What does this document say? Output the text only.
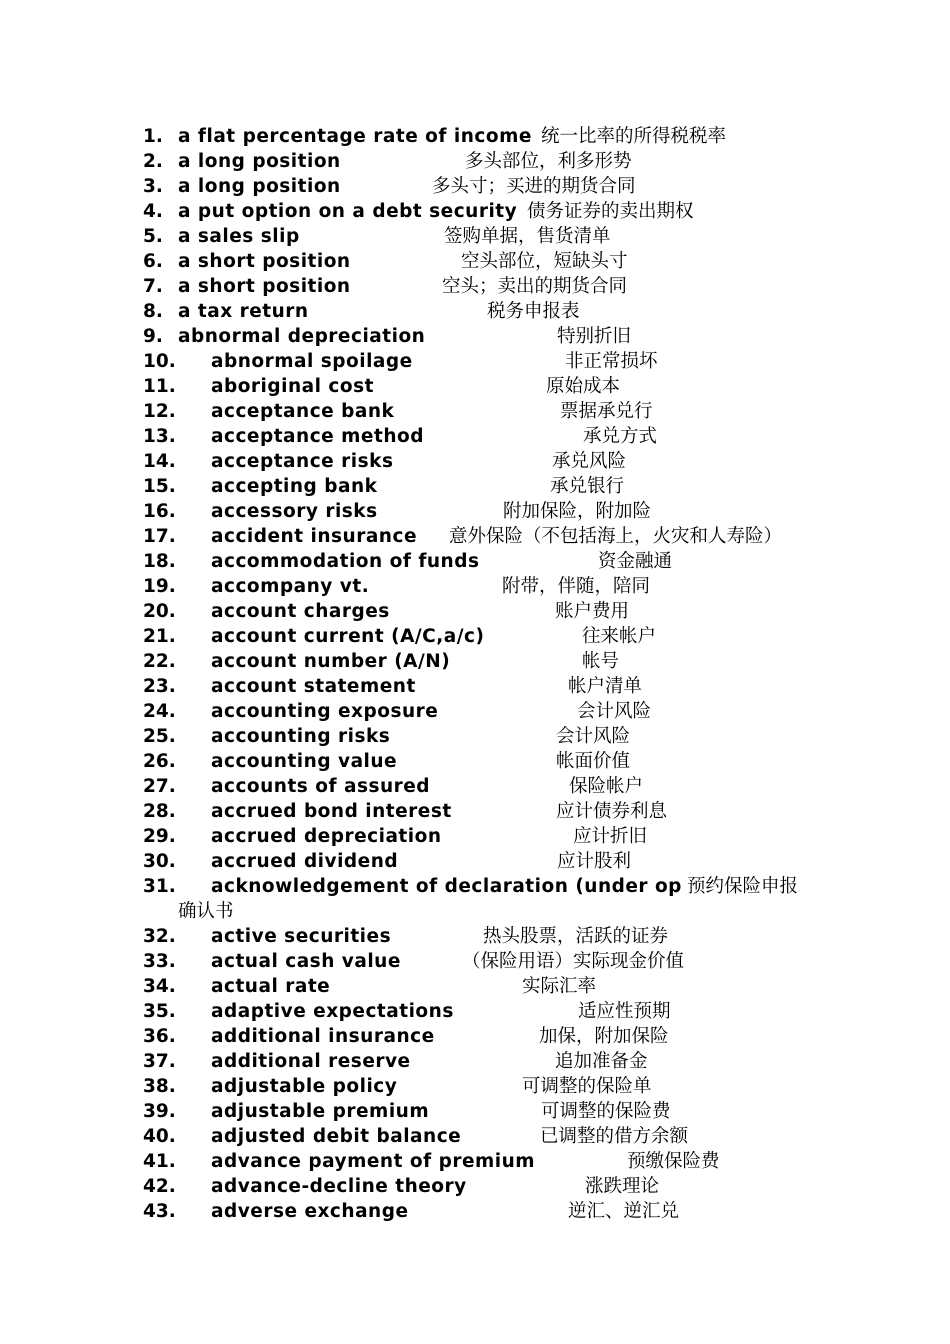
1. a flat percentage rate of income 统一比率的所得税税率
2. a long position	多头部位，利多形势
3. a long position	多头寸；买进的期货合同
4. a put option on a debt security 债务证券的卖出期权
5. a sales slip	签购单据，售货清单
6. a short position	空头部位，短缺头寸
7. a short position	空头；卖出的期货合同
8. a tax return	税务申报表
9. abnormal depreciation	特别折旧
10. abnormal spoilage	非正常损坏
11. aboriginal cost	原始成本
12. acceptance bank	票据承兑行
13. acceptance method	承兑方式
14. acceptance risks	承兑风险
15. accepting bank	承兑银行
16. accessory risks	附加保险，附加险
17. accident insurance 意外保险（不包括海上，火灾和人寿险）
18. accommodation of funds	资金融通
19. accompany vt.	附带，伴随，陪同
20. account charges	账户费用
21. account current (A/C,a/c)	往来帐户
22. account number (A/N)	帐号
23. account statement	帐户清单
24. accounting exposure	会计风险
25. accounting risks	会计风险
26. accounting value	帐面价值
27. accounts of assured	保险帐户
28. accrued bond interest	应计债券利息
29. accrued depreciation	应计折旧
30. accrued dividend	应计股利
31. acknowledgement of declaration (under op 预约保险申报
确认书
32. active securities	热头股票，活跃的证券
33. actual cash value	（保险用语）实际现金价值
34. actual rate	实际汇率
35. adaptive expectations	适应性预期
36. additional insurance	加保，附加保险
37. additional reserve	追加准备金
38. adjustable policy	可调整的保险单
39. adjustable premium	可调整的保险费
40. adjusted debit balance	已调整的借方余额
41. advance payment of premium	预缴保险费
42. advance-decline theory	涨跌理论
43. adverse exchange	逆汇、逆汇兑
